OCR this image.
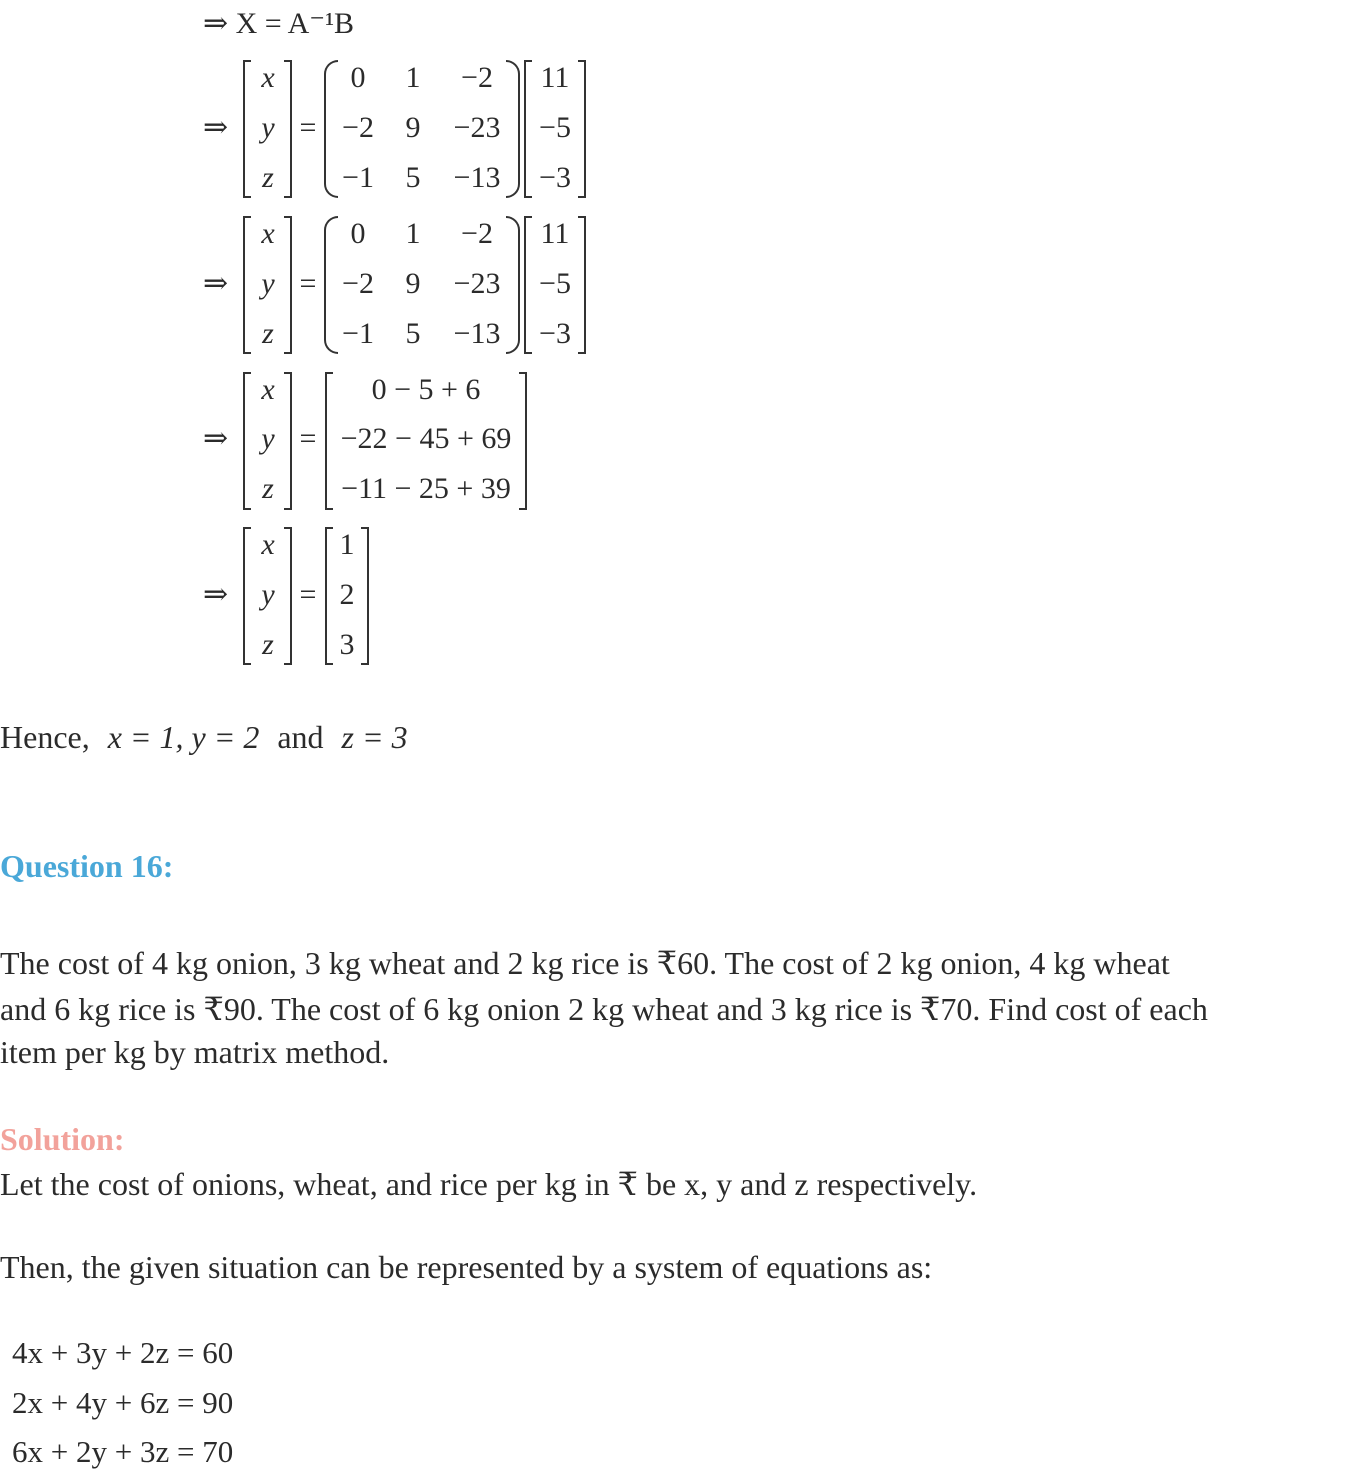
⇒ X = A⁻¹B
⇒
x
y
z
=
0	1	−2
−2	9	−23
−1	5	−13
11
−5
−3
⇒
x
y
z
=
0	1	−2
−2	9	−23
−1	5	−13
11
−5
−3
⇒
x
y
z
=
0 − 5 + 6
−22 − 45 + 69
−11 − 25 + 39
⇒
x
y
z
=
1
2
3
Hence, x = 1, y = 2 and z = 3
Question 16:
The cost of 4 kg onion, 3 kg wheat and 2 kg rice is ₹60. The cost of 2 kg onion, 4 kg wheat
and 6 kg rice is ₹90. The cost of 6 kg onion 2 kg wheat and 3 kg rice is ₹70. Find cost of each
item per kg by matrix method.
Solution:
Let the cost of onions, wheat, and rice per kg in ₹ be x, y and z respectively.
Then, the given situation can be represented by a system of equations as:
4x + 3y + 2z = 60
2x + 4y + 6z = 90
6x + 2y + 3z = 70
